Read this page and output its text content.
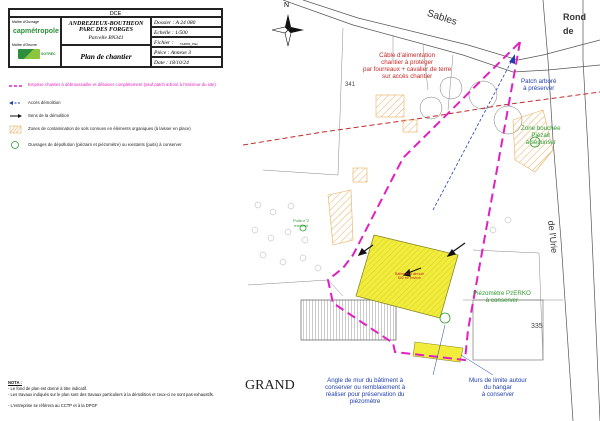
DCE
Maître d'Ouvrage
capmétropole
Maître d'Oeuvre
SOTREC
ANDREZIEUX-BOUTHEON
PARC DES FORGES
Parcelle BN341
Plan de chantier
Dossier : A 24 080
Echelle : 1/500
Fichier : TA4803_Plan
Pièce : Annexe 3
Date : 18/10/24
Emprise chantier à débroussailler et déboiser complètement (sauf patch arboré à l'intérieur du site)
Accès démolition
Sens de la démolition
Zones de contamination de sols connues en éléments organiques (à laisser en place)
Ouvrages de dépollution (piézairs et piézomètre) ou existants (puits) à conserver
NOTA :
- Le fond de plan est donné à titre indicatif.
- Les travaux indiqués sur le plan sont des travaux particuliers à la démolition et ceux-ci ne sont pas exhaustifs.
- L'entreprise se référera au CCTP et à la DPGF
N
Sables	Rond
de
de l'Urie
GRAND
341
335
Câble d'alimentation
chantier à protéger
par fourreaux + cavalier de terre
sur accès chantier
Patch arboré
à préserver
Zone bouchée
Piézair
à sécuriser
Puits n°2
existant
Piézomètre PzERKO
à conserver
Bâtiment à démolir
800 m² environ
Angle de mur du bâtiment à
conserver ou remblaiement à
réaliser pour préservation du
piézomètre
Murs de limite autour
du hangar
à conserver
